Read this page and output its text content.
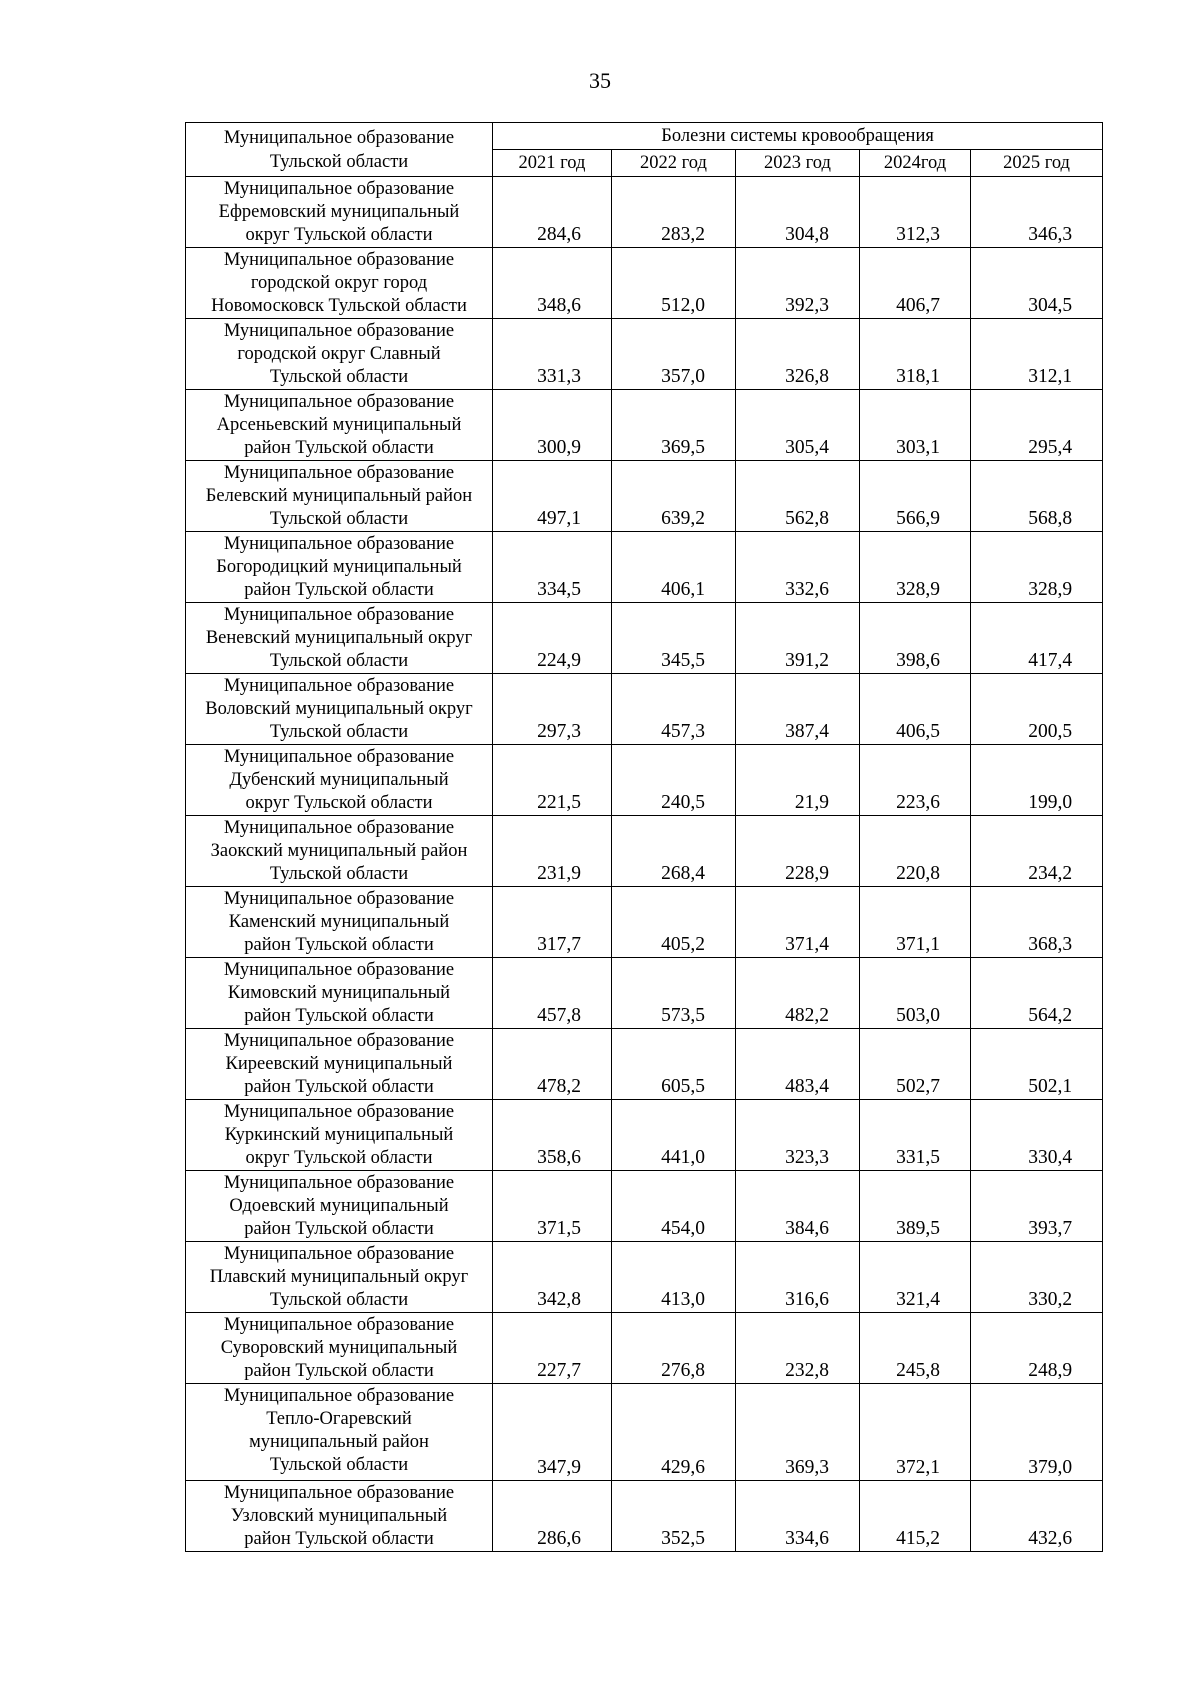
35
Муниципальное образование
Тульской области	Болезни системы кровообращения				
	2021 год	2022 год	2023 год	2024год	2025 год

Муниципальное образование
Ефремовский муниципальный
округ Тульской области	284,6	283,2	304,8	312,3	346,3

Муниципальное образование
городской округ город
Новомосковск Тульской области	348,6	512,0	392,3	406,7	304,5

Муниципальное образование
городской округ Славный
Тульской области	331,3	357,0	326,8	318,1	312,1

Муниципальное образование
Арсеньевский муниципальный
район Тульской области	300,9	369,5	305,4	303,1	295,4

Муниципальное образование
Белевский муниципальный район
Тульской области	497,1	639,2	562,8	566,9	568,8

Муниципальное образование
Богородицкий муниципальный
район Тульской области	334,5	406,1	332,6	328,9	328,9

Муниципальное образование
Веневский муниципальный округ
Тульской области	224,9	345,5	391,2	398,6	417,4

Муниципальное образование
Воловский муниципальный округ
Тульской области	297,3	457,3	387,4	406,5	200,5

Муниципальное образование
Дубенский муниципальный
округ Тульской области	221,5	240,5	21,9	223,6	199,0

Муниципальное образование
Заокский муниципальный район
Тульской области	231,9	268,4	228,9	220,8	234,2

Муниципальное образование
Каменский муниципальный
район Тульской области	317,7	405,2	371,4	371,1	368,3

Муниципальное образование
Кимовский муниципальный
район Тульской области	457,8	573,5	482,2	503,0	564,2

Муниципальное образование
Киреевский муниципальный
район Тульской области	478,2	605,5	483,4	502,7	502,1

Муниципальное образование
Куркинский муниципальный
округ Тульской области	358,6	441,0	323,3	331,5	330,4

Муниципальное образование
Одоевский муниципальный
район Тульской области	371,5	454,0	384,6	389,5	393,7

Муниципальное образование
Плавский муниципальный округ
Тульской области	342,8	413,0	316,6	321,4	330,2

Муниципальное образование
Суворовский муниципальный
район Тульской области	227,7	276,8	232,8	245,8	248,9

Муниципальное образование
Тепло-Огаревский
муниципальный район
Тульской области	347,9	429,6	369,3	372,1	379,0

Муниципальное образование
Узловский муниципальный
район Тульской области	286,6	352,5	334,6	415,2	432,6
